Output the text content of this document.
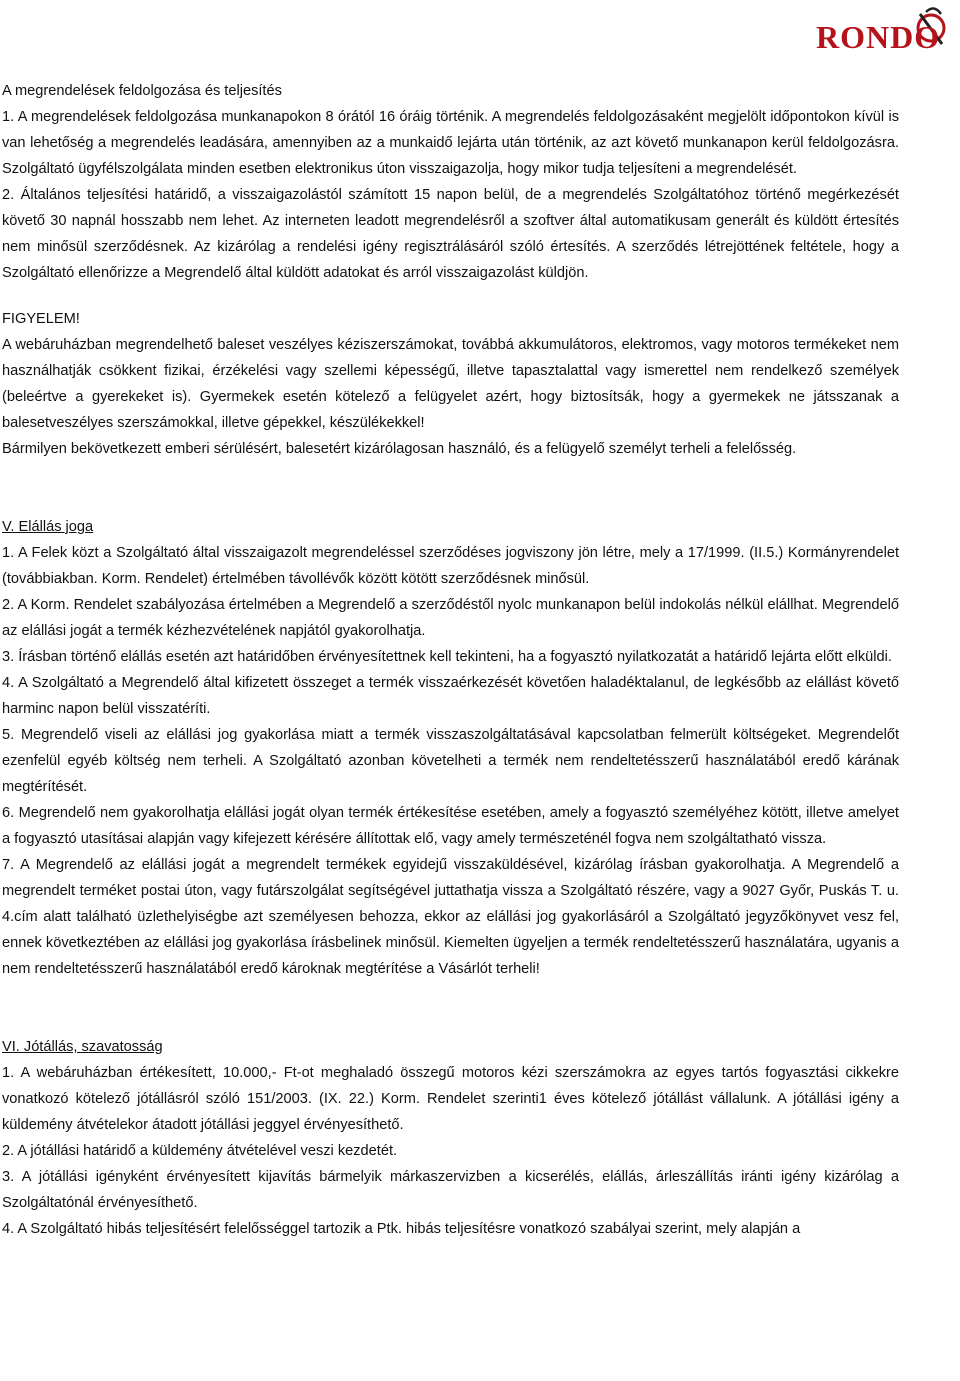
RONDO

A megrendelések feldolgozása és teljesítés

1. A megrendelések feldolgozása munkanapokon 8 órától 16 óráig történik. A megrendelés feldolgozásaként megjelölt időpontokon kívül is van lehetőség a megrendelés leadására, amennyiben az a munkaidő lejárta után történik, az azt követő munkanapon kerül feldolgozásra. Szolgáltató ügyfélszolgálata minden esetben elektronikus úton visszaigazolja, hogy mikor tudja teljesíteni a megrendelését.

2. Általános teljesítési határidő, a visszaigazolástól számított 15 napon belül, de a megrendelés Szolgáltatóhoz történő megérkezését követő 30 napnál hosszabb nem lehet. Az interneten leadott megrendelésről a szoftver által automatikusam generált és küldött értesítés nem minősül szerződésnek. Az kizárólag a rendelési igény regisztrálásáról szóló értesítés. A szerződés létrejöttének feltétele, hogy a Szolgáltató ellenőrizze a Megrendelő által küldött adatokat és arról visszaigazolást küldjön.

FIGYELEM!

A webáruházban megrendelhető baleset veszélyes kéziszerszámokat, továbbá akkumulátoros, elektromos, vagy motoros termékeket nem használhatják csökkent fizikai, érzékelési vagy szellemi képességű, illetve tapasztalattal vagy ismerettel nem rendelkező személyek (beleértve a gyerekeket is). Gyermekek esetén kötelező a felügyelet azért, hogy biztosítsák, hogy a gyermekek ne játsszanak a balesetveszélyes szerszámokkal, illetve gépekkel, készülékekkel!

Bármilyen bekövetkezett emberi sérülésért, balesetért kizárólagosan használó, és a felügyelő személyt terheli a felelősség.

V. Elállás joga

1. A Felek közt a Szolgáltató által visszaigazolt megrendeléssel szerződéses jogviszony jön létre, mely a 17/1999. (II.5.) Kormányrendelet (továbbiakban. Korm. Rendelet) értelmében távollévők között kötött szerződésnek minősül.

2. A Korm. Rendelet szabályozása értelmében a Megrendelő a szerződéstől nyolc munkanapon belül indokolás nélkül elállhat. Megrendelő az elállási jogát a termék kézhezvételének napjától gyakorolhatja.

3. Írásban történő elállás esetén azt határidőben érvényesítettnek kell tekinteni, ha a fogyasztó nyilatkozatát a határidő lejárta előtt elküldi.

4. A Szolgáltató a Megrendelő által kifizetett összeget a termék visszaérkezését követően haladéktalanul, de legkésőbb az elállást követő harminc napon belül visszatéríti.

5. Megrendelő viseli az elállási jog gyakorlása miatt a termék visszaszolgáltatásával kapcsolatban felmerült költségeket. Megrendelőt ezenfelül egyéb költség nem terheli. A Szolgáltató azonban követelheti a termék nem rendeltetésszerű használatából eredő kárának megtérítését.

6. Megrendelő nem gyakorolhatja elállási jogát olyan termék értékesítése esetében, amely a fogyasztó személyéhez kötött, illetve amelyet a fogyasztó utasításai alapján vagy kifejezett kérésére állítottak elő, vagy amely természeténél fogva nem szolgáltatható vissza.

7. A Megrendelő az elállási jogát a megrendelt termékek egyidejű visszaküldésével, kizárólag írásban gyakorolhatja. A Megrendelő a megrendelt terméket postai úton, vagy futárszolgálat segítségével juttathatja vissza a Szolgáltató részére, vagy a 9027 Győr, Puskás T. u. 4.cím alatt található üzlethelyiségbe azt személyesen behozza, ekkor az elállási jog gyakorlásáról a Szolgáltató jegyzőkönyvet vesz fel, ennek következtében az elállási jog gyakorlása írásbelinek minősül. Kiemelten ügyeljen a termék rendeltetésszerű használatára, ugyanis a nem rendeltetésszerű használatából eredő károknak megtérítése a Vásárlót terheli!

VI. Jótállás, szavatosság

1. A webáruházban értékesített, 10.000,- Ft-ot meghaladó összegű motoros kézi szerszámokra az egyes tartós fogyasztási cikkekre vonatkozó kötelező jótállásról szóló 151/2003. (IX. 22.) Korm. Rendelet szerinti1 éves kötelező jótállást vállalunk. A jótállási igény a küldemény átvételekor átadott jótállási jeggyel érvényesíthető.

2. A jótállási határidő a küldemény átvételével veszi kezdetét.

3. A jótállási igényként érvényesített kijavítás bármelyik márkaszervizben a kicserélés, elállás, árleszállítás iránti igény kizárólag a Szolgáltatónál érvényesíthető.

4. A Szolgáltató hibás teljesítésért felelősséggel tartozik a Ptk. hibás teljesítésre vonatkozó szabályai szerint, mely alapján a
